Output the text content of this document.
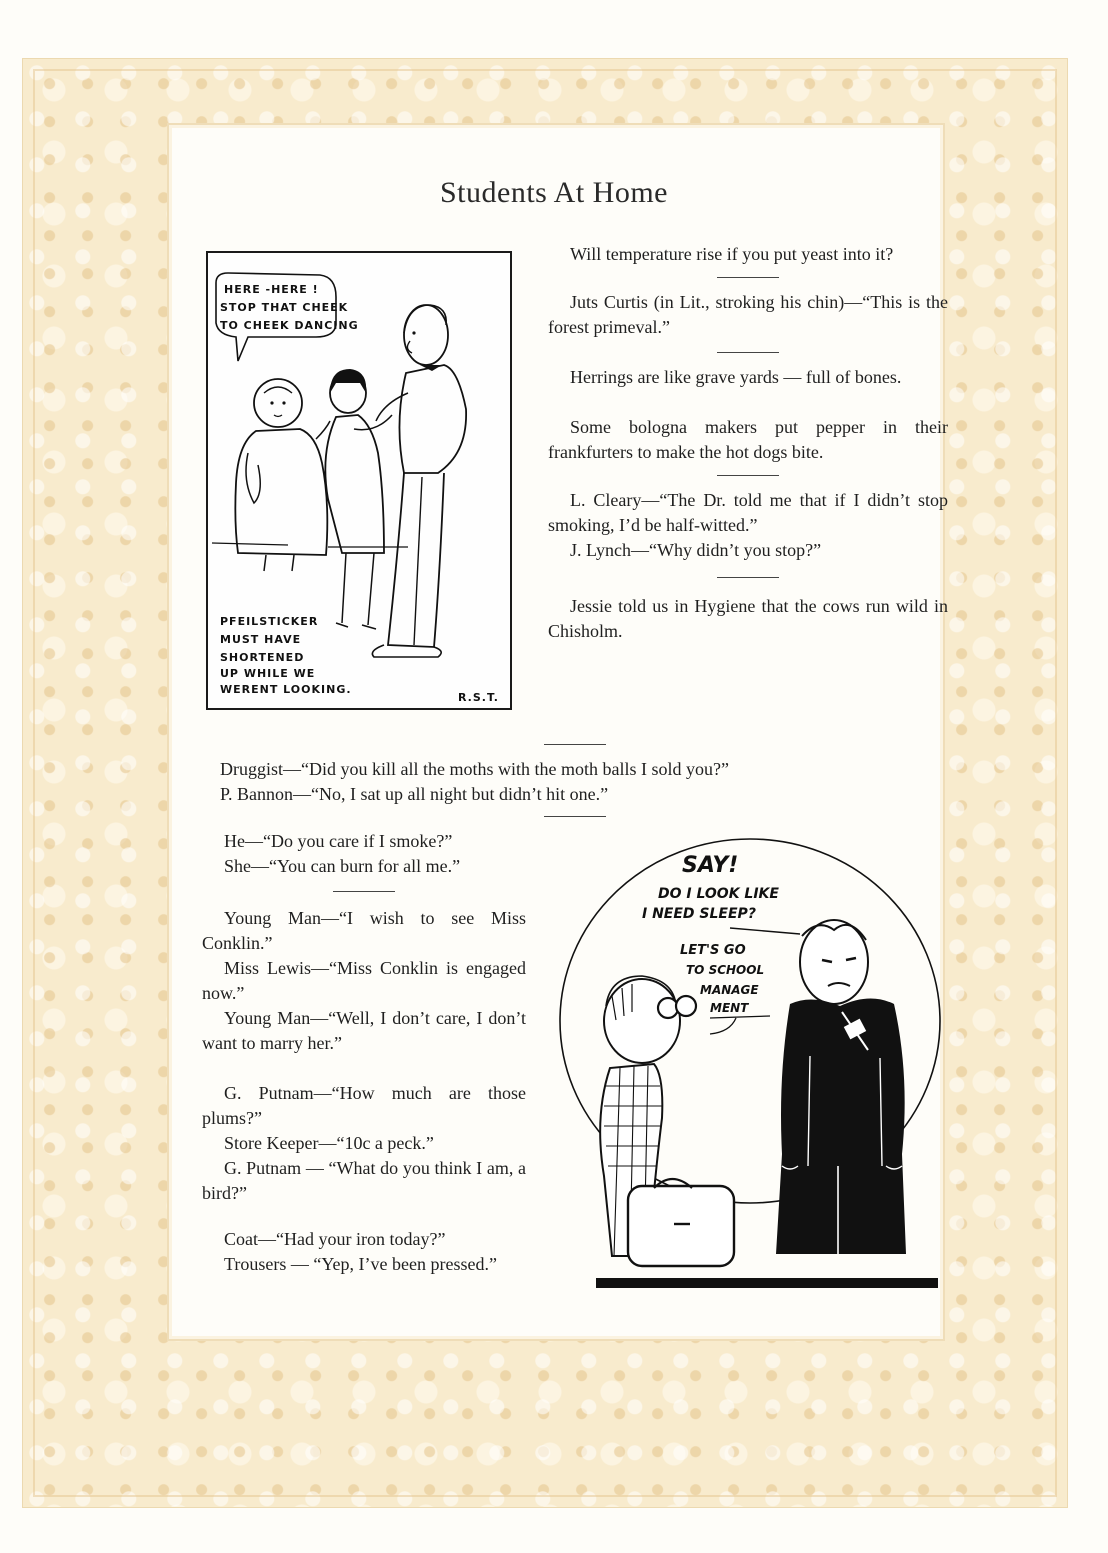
Students At Home
HERE -HERE !
STOP THAT CHEEK
TO CHEEK DANCING
PFEILSTICKER
MUST HAVE
SHORTENED
UP WHILE WE
WERENT LOOKING.
R.S.T.

Will temperature rise if you put yeast into it?

Juts Curtis (in Lit., stroking his chin)—“This is the forest primeval.”

Herrings are like grave yards — full of bones.

Some bologna makers put pepper in their frankfurters to make the hot dogs bite.

L. Cleary—“The Dr. told me that if I didn’t stop smoking, I’d be half-witted.”

J. Lynch—“Why didn’t you stop?”

Jessie told us in Hygiene that the cows run wild in Chisholm.

Druggist—“Did you kill all the moths with the moth balls I sold you?”

P. Bannon—“No, I sat up all night but didn’t hit one.”

He—“Do you care if I smoke?”

She—“You can burn for all me.”

Young Man—“I wish to see Miss Conklin.”

Miss Lewis—“Miss Conklin is engaged now.”

Young Man—“Well, I don’t care, I don’t want to marry her.”

G. Putnam—“How much are those plums?”

Store Keeper—“10c a peck.”

G. Putnam — “What do you think I am, a bird?”

Coat—“Had your iron today?”

Trousers — “Yep, I’ve been pressed.”

SAY!
DO I LOOK LIKE
I NEED SLEEP?
LET'S GO
TO SCHOOL
MANAGE
MENT
